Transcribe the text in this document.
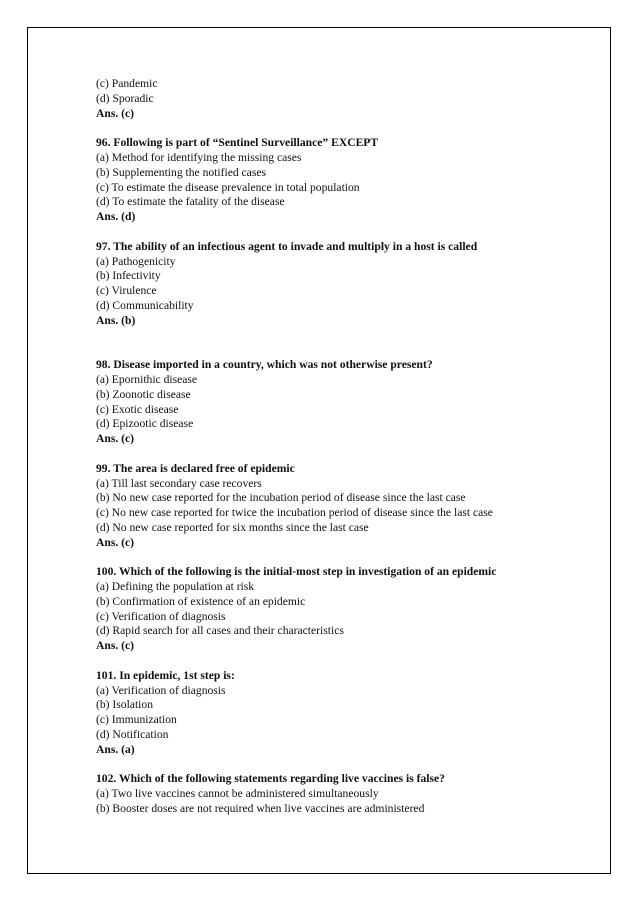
(c) Pandemic
(d) Sporadic
Ans. (c)
96. Following is part of “Sentinel Surveillance” EXCEPT
(a) Method for identifying the missing cases
(b) Supplementing the notified cases
(c) To estimate the disease prevalence in total population
(d) To estimate the fatality of the disease
Ans. (d)
97. The ability of an infectious agent to invade and multiply in a host is called
(a) Pathogenicity
(b) Infectivity
(c) Virulence
(d) Communicability
Ans. (b)
98. Disease imported in a country, which was not otherwise present?
(a) Epornithic disease
(b) Zoonotic disease
(c) Exotic disease
(d) Epizootic disease
Ans. (c)
99. The area is declared free of epidemic
(a) Till last secondary case recovers
(b) No new case reported for the incubation period of disease since the last case
(c) No new case reported for twice the incubation period of disease since the last case
(d) No new case reported for six months since the last case
Ans. (c)
100. Which of the following is the initial-most step in investigation of an epidemic
(a) Defining the population at risk
(b) Confirmation of existence of an epidemic
(c) Verification of diagnosis
(d) Rapid search for all cases and their characteristics
Ans. (c)
101. In epidemic, 1st step is:
(a) Verification of diagnosis
(b) Isolation
(c) Immunization
(d) Notification
Ans. (a)
102. Which of the following statements regarding live vaccines is false?
(a) Two live vaccines cannot be administered simultaneously
(b) Booster doses are not required when live vaccines are administered
